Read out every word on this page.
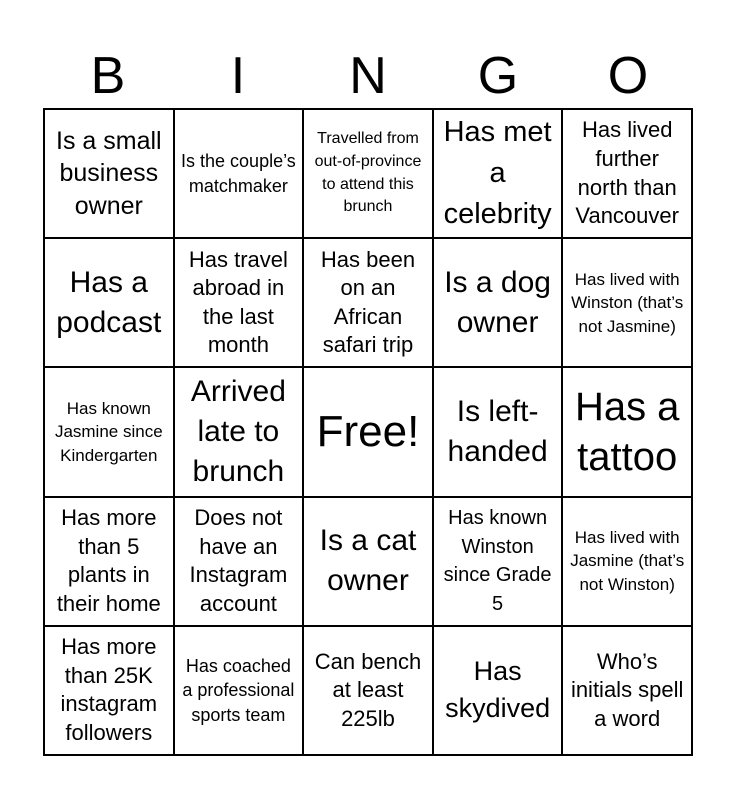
B	I	N	G	O
Is a small business owner
Is the couple’s matchmaker
Travelled from out-of-province to attend this brunch
Has met a celebrity
Has lived further north than Vancouver
Has a podcast
Has travel abroad in the last month
Has been on an African safari trip
Is a dog owner
Has lived with Winston (that’s not Jasmine)
Has known Jasmine since Kindergarten
Arrived late to brunch
Free!	Is left-handed
Has a tattoo
Has more than 5 plants in their home
Does not have an Instagram account
Is a cat owner
Has known Winston since Grade 5
Has lived with Jasmine (that’s not Winston)
Has more than 25K instagram followers
Has coached a professional sports team
Can bench at least 225lb
Has skydived
Who’s initials spell a word
